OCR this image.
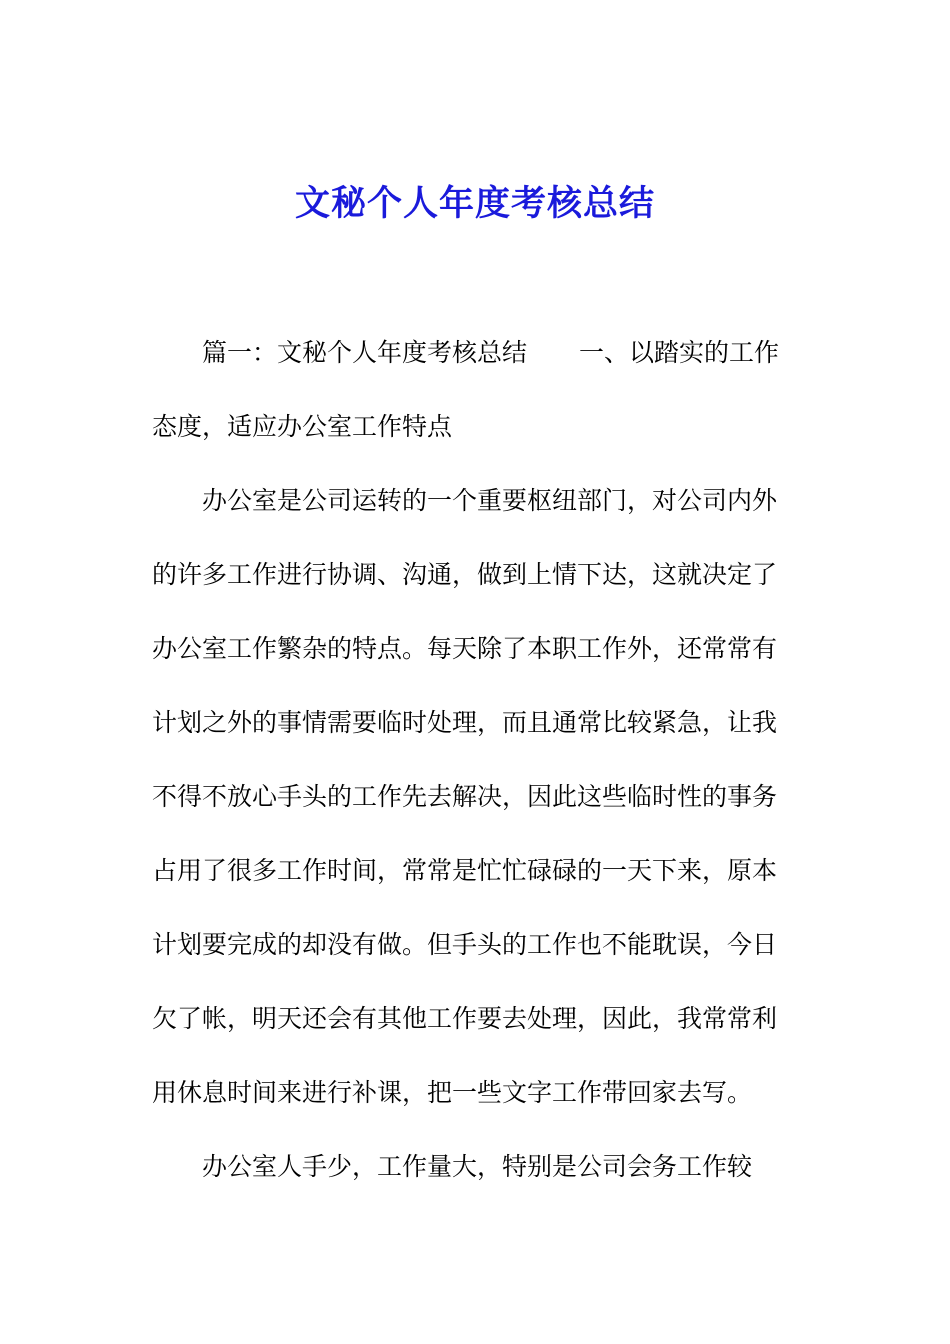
文秘个人年度考核总结
篇一：文秘个人年度考核总结 一、以踏实的工作
态度，适应办公室工作特点
办公室是公司运转的一个重要枢纽部门，对公司内外
的许多工作进行协调、沟通，做到上情下达，这就决定了
办公室工作繁杂的特点。每天除了本职工作外，还常常有
计划之外的事情需要临时处理，而且通常比较紧急，让我
不得不放心手头的工作先去解决，因此这些临时性的事务
占用了很多工作时间，常常是忙忙碌碌的一天下来，原本
计划要完成的却没有做。但手头的工作也不能耽误，今日
欠了帐，明天还会有其他工作要去处理，因此，我常常利
用休息时间来进行补课，把一些文字工作带回家去写。
办公室人手少，工作量大，特别是公司会务工作较
